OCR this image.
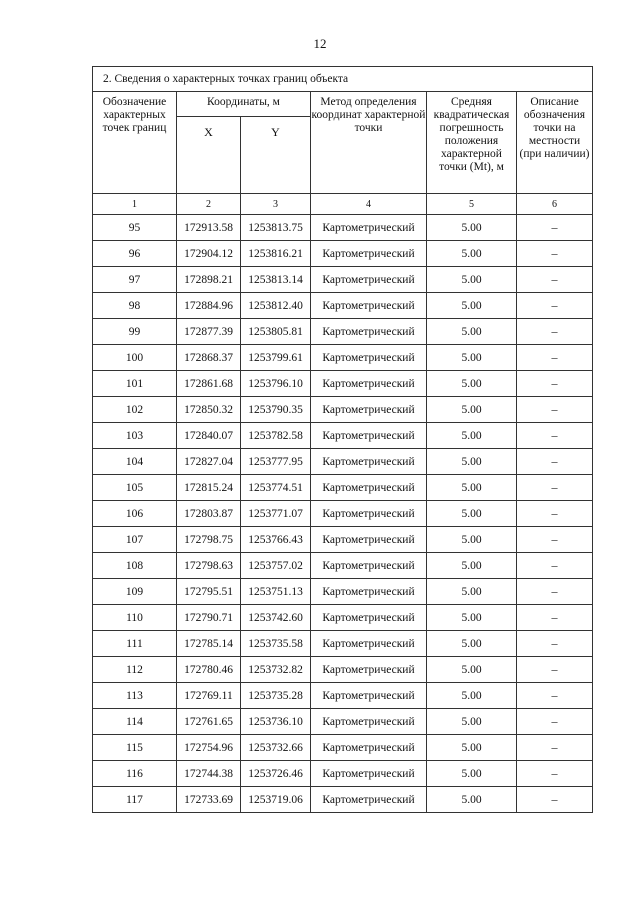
12
2. Сведения о характерных точках границ объекта					
Обозначение характерных точек границ	Координаты, м		Метод определения координат характерной точки	Средняя квадратическая погрешность положения характерной точки (Mt), м	Описание обозначения точки на местности (при наличии)
	X	Y			
1	2	3	4	5	6
95	172913.58	1253813.75	Картометрический	5.00	–
96	172904.12	1253816.21	Картометрический	5.00	–
97	172898.21	1253813.14	Картометрический	5.00	–
98	172884.96	1253812.40	Картометрический	5.00	–
99	172877.39	1253805.81	Картометрический	5.00	–
100	172868.37	1253799.61	Картометрический	5.00	–
101	172861.68	1253796.10	Картометрический	5.00	–
102	172850.32	1253790.35	Картометрический	5.00	–
103	172840.07	1253782.58	Картометрический	5.00	–
104	172827.04	1253777.95	Картометрический	5.00	–
105	172815.24	1253774.51	Картометрический	5.00	–
106	172803.87	1253771.07	Картометрический	5.00	–
107	172798.75	1253766.43	Картометрический	5.00	–
108	172798.63	1253757.02	Картометрический	5.00	–
109	172795.51	1253751.13	Картометрический	5.00	–
110	172790.71	1253742.60	Картометрический	5.00	–
111	172785.14	1253735.58	Картометрический	5.00	–
112	172780.46	1253732.82	Картометрический	5.00	–
113	172769.11	1253735.28	Картометрический	5.00	–
114	172761.65	1253736.10	Картометрический	5.00	–
115	172754.96	1253732.66	Картометрический	5.00	–
116	172744.38	1253726.46	Картометрический	5.00	–
117	172733.69	1253719.06	Картометрический	5.00	–
